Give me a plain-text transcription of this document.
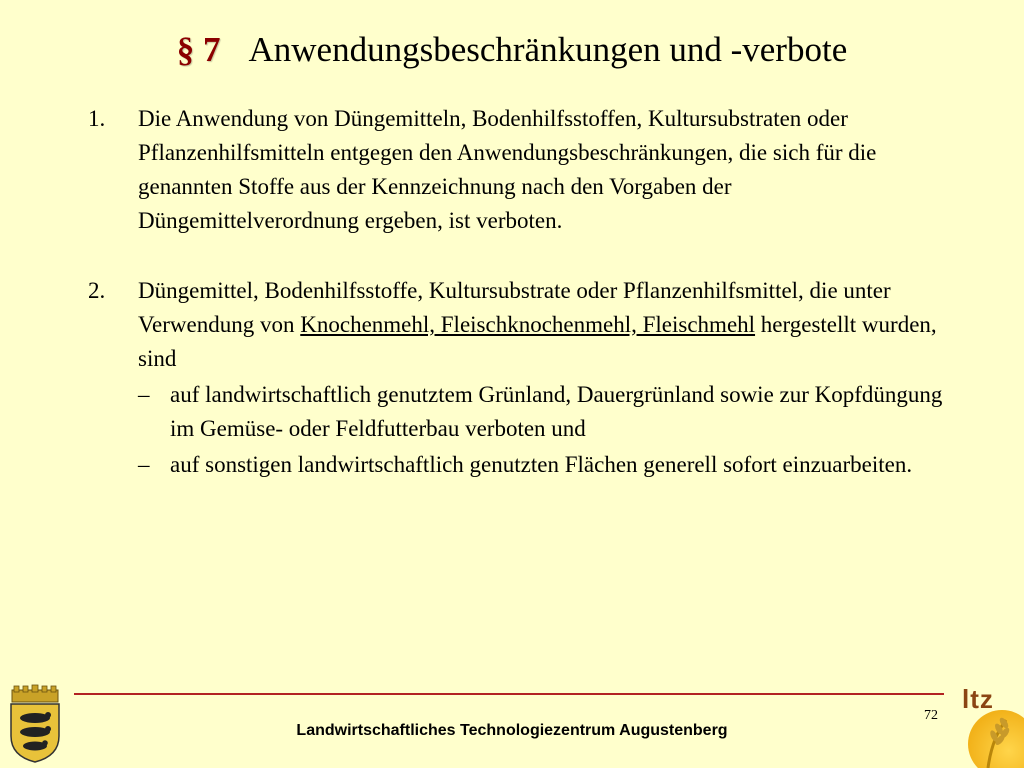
§ 7 Anwendungsbeschränkungen und -verbote
1. Die Anwendung von Düngemitteln, Bodenhilfsstoffen, Kultursubstraten oder Pflanzenhilfsmitteln entgegen den Anwendungsbeschränkungen, die sich für die genannten Stoffe aus der Kennzeichnung nach den Vorgaben der Düngemittelverordnung ergeben, ist verboten.

2. Düngemittel, Bodenhilfsstoffe, Kultursubstrate oder Pflanzenhilfsmittel, die unter Verwendung von Knochenmehl, Fleischknochenmehl, Fleischmehl hergestellt wurden, sind

– auf landwirtschaftlich genutztem Grünland, Dauergrünland sowie zur Kopfdüngung im Gemüse- oder Feldfutterbau verboten und
– auf sonstigen landwirtschaftlich genutzten Flächen generell sofort einzuarbeiten.
72
Landwirtschaftliches Technologiezentrum Augustenberg
ltz
